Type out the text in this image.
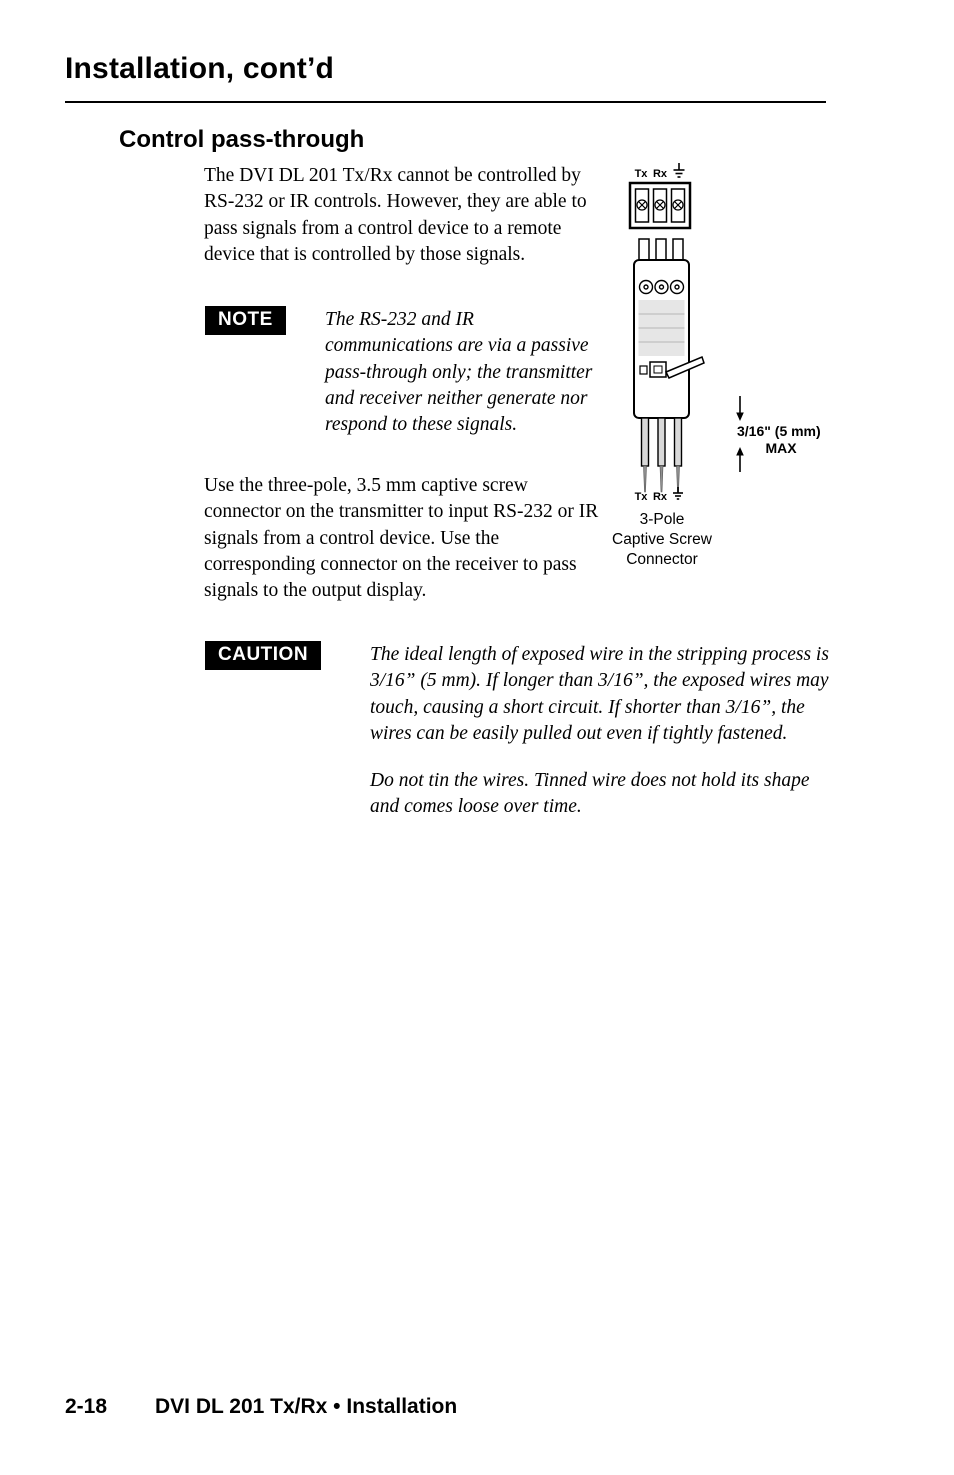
Installation, cont’d
Control pass-through

The DVI DL 201 Tx/Rx cannot be controlled by RS-232 or IR controls. However, they are able to pass signals from a control device to a remote device that is controlled by those signals.

NOTE	The RS-232 and IR communications are via a passive pass-through only; the transmitter and receiver neither generate nor respond to these signals.

Use the three-pole, 3.5 mm captive screw connector on the transmitter to input RS-232 or IR signals from a control device. Use the corresponding connector on the receiver to pass signals to the output display.

CAUTION	The ideal length of exposed wire in the stripping process is 3/16” (5 mm). If longer than 3/16”, the exposed wires may touch, causing a short circuit. If shorter than 3/16”, the wires can be easily pulled out even if tightly fastened.

Do not tin the wires. Tinned wire does not hold its shape and comes loose over time.

Tx Rx
3/16" (5 mm)
MAX
Tx Rx
3-Pole
Captive Screw
Connector
2-18 DVI DL 201 Tx/Rx • Installation
